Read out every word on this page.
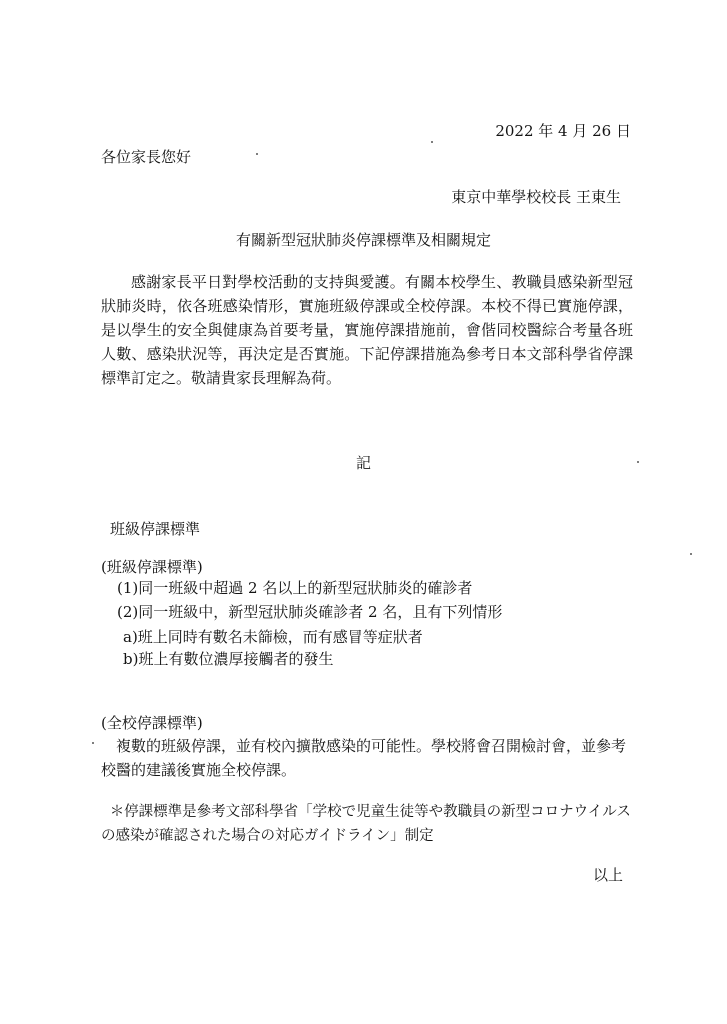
2022 年 4 月 26 日
各位家長您好
東京中華學校校長 王東生
有關新型冠狀肺炎停課標準及相關規定

感謝家長平日對學校活動的支持與愛護。有關本校學生、教職員感染新型冠狀肺炎時，依各班感染情形，實施班級停課或全校停課。本校不得已實施停課，是以學生的安全與健康為首要考量，實施停課措施前，會偕同校醫綜合考量各班人數、感染狀況等，再決定是否實施。下記停課措施為參考日本文部科學省停課標準訂定之。敬請貴家長理解為荷。

記
班級停課標準
(班級停課標準)
(1)同一班級中超過 2 名以上的新型冠狀肺炎的確診者
(2)同一班級中，新型冠狀肺炎確診者 2 名，且有下列情形
a)班上同時有數名未篩檢，而有感冒等症狀者
b)班上有數位濃厚接觸者的發生
(全校停課標準)

複數的班級停課，並有校內擴散感染的可能性。學校將會召開檢討會，並參考校醫的建議後實施全校停課。

＊停課標準是參考文部科學省「学校で児童生徒等や教職員の新型コロナウイルスの感染が確認された場合の対応ガイドライン」制定

以上
